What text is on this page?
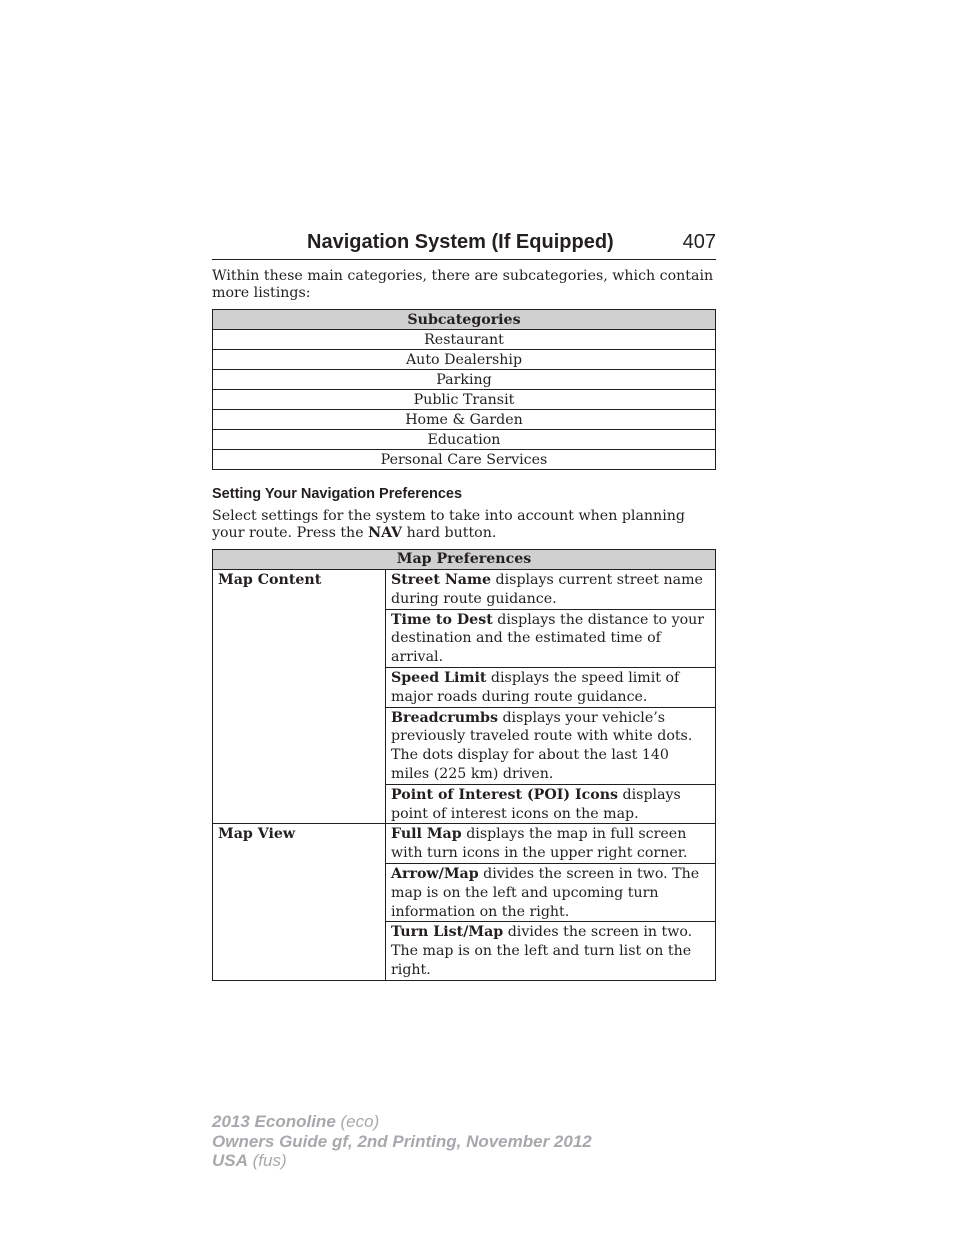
Navigation System (If Equipped)	407
Within these main categories, there are subcategories, which contain more listings:
Subcategories
Restaurant
Auto Dealership
Parking
Public Transit
Home & Garden
Education
Personal Care Services
Setting Your Navigation Preferences
Select settings for the system to take into account when planning your route. Press the NAV hard button.
Map Preferences	
Map Content	Street Name displays current street name during route guidance.
	Time to Dest displays the distance to your destination and the estimated time of arrival.
	Speed Limit displays the speed limit of major roads during route guidance.
	Breadcrumbs displays your vehicle’s previously traveled route with white dots. The dots display for about the last 140 miles (225 km) driven.
	Point of Interest (POI) Icons displays point of interest icons on the map.
Map View	Full Map displays the map in full screen with turn icons in the upper right corner.
	Arrow/Map divides the screen in two. The map is on the left and upcoming turn information on the right.
	Turn List/Map divides the screen in two. The map is on the left and turn list on the right.
2013 Econoline (eco)
Owners Guide gf, 2nd Printing, November 2012
USA (fus)
